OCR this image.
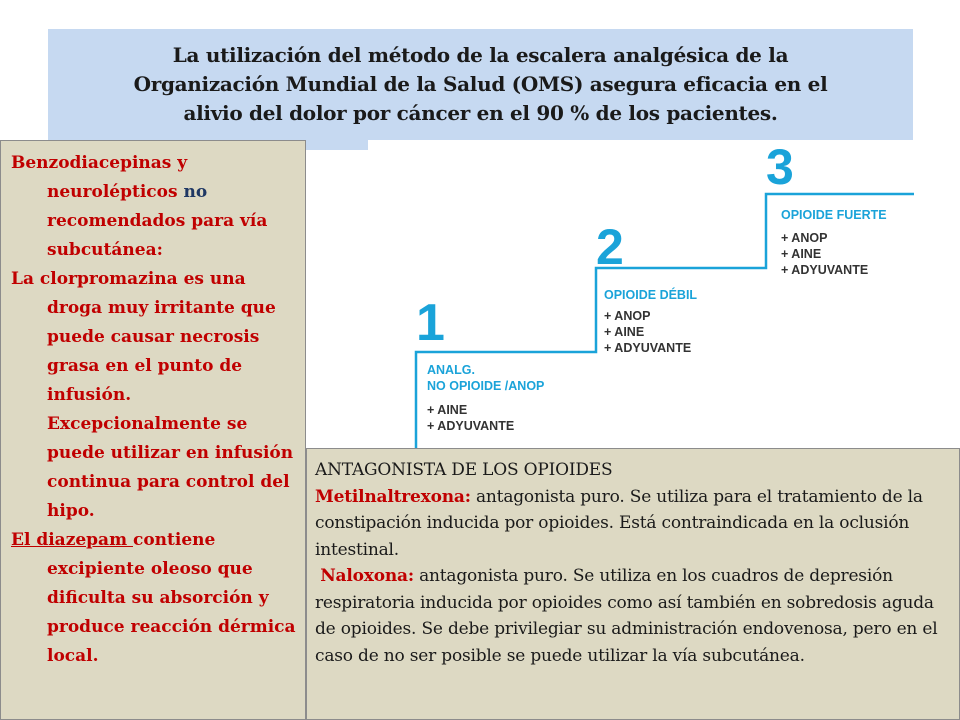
La utilización del método de la escalera analgésica de la
Organización Mundial de la Salud (OMS) asegura eficacia en el
alivio del dolor por cáncer en el 90 % de los pacientes.

Benzodiacepinas y
neurolépticos no recomendados para vía subcutánea:

La clorpromazina es una droga muy irritante que puede causar necrosis grasa en el punto de infusión. Excepcionalmente se puede utilizar en infusión continua para control del hipo.

El diazepam contiene excipiente oleoso que dificulta su absorción y produce reacción dérmica local.

1
2
3
ANALG.
NO OPIOIDE /ANOP
+ AINE
+ ADYUVANTE
OPIOIDE DÉBIL
+ ANOP
+ AINE
+ ADYUVANTE
OPIOIDE FUERTE
+ ANOP
+ AINE
+ ADYUVANTE

ANTAGONISTA DE LOS OPIOIDES

Metilnaltrexona: antagonista puro. Se utiliza para el tratamiento de la constipación inducida por opioides. Está contraindicada en la oclusión intestinal.

Naloxona: antagonista puro. Se utiliza en los cuadros de depresión respiratoria inducida por opioides como así también en sobredosis aguda de opioides. Se debe privilegiar su administración endovenosa, pero en el caso de no ser posible se puede utilizar la vía subcutánea.
